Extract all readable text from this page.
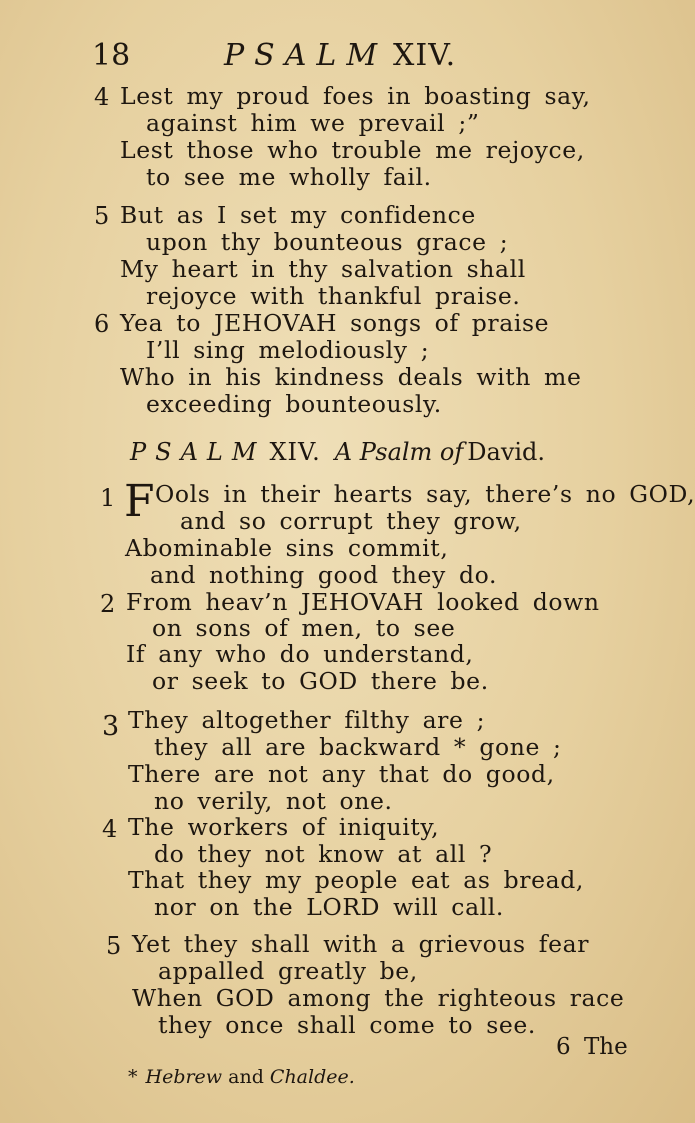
18	PSALM XIV.
4 Lest my proud foes in boasting say,
against him we prevail ;”
Lest those who trouble me rejoyce,
to see me wholly fail.
5 But as I set my confidence
upon thy bounteous grace ;
My heart in thy salvation shall
rejoyce with thankful praise.
6 Yea to JEHOVAH songs of praise
I’ll sing melodiously ;
Who in his kindness deals with me
exceeding bounteously.
PSALM XIV. A Psalm of David.
1 F Ools in their hearts say, there’s no GOD,
and so corrupt they grow,
Abominable sins commit,
and nothing good they do.
2 From heav’n JEHOVAH looked down
on sons of men, to see
If any who do understand,
or seek to GOD there be.
3 They altogether filthy are ;
they all are backward * gone ;
There are not any that do good,
no verily, not one.
4 The workers of iniquity,
do they not know at all ?
That they my people eat as bread,
nor on the LORD will call.
5 Yet they shall with a grievous fear
appalled greatly be,
When GOD among the righteous race
they once shall come to see.
6 The
* Hebrew and Chaldee.
